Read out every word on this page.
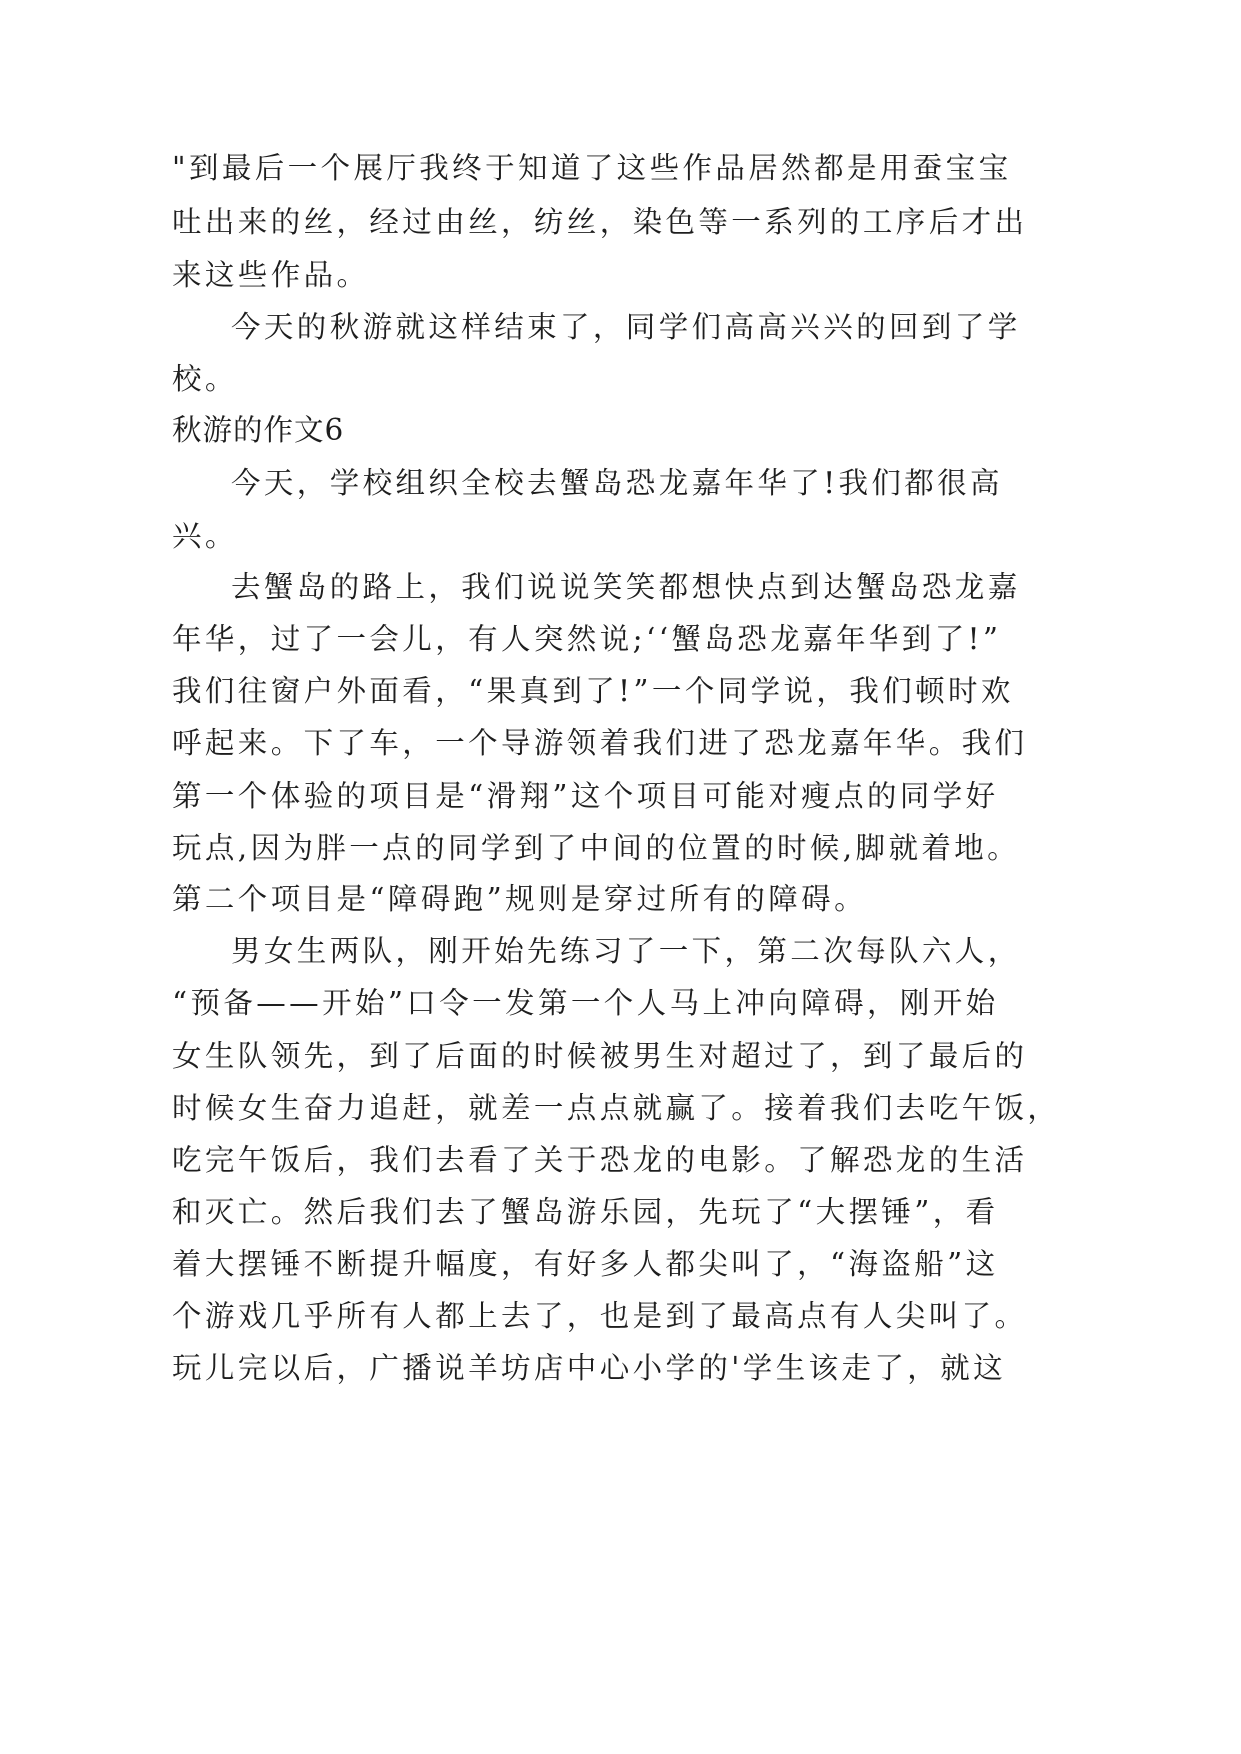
"到最后一个展厅我终于知道了这些作品居然都是用蚕宝宝
吐出来的丝，经过由丝，纺丝，染色等一系列的工序后才出
来这些作品。
今天的秋游就这样结束了，同学们高高兴兴的回到了学
校。
秋游的作文6
今天，学校组织全校去蟹岛恐龙嘉年华了!我们都很高
兴。
去蟹岛的路上，我们说说笑笑都想快点到达蟹岛恐龙嘉
年华，过了一会儿，有人突然说;‘‘蟹岛恐龙嘉年华到了!”
我们往窗户外面看，“果真到了!”一个同学说，我们顿时欢
呼起来。下了车，一个导游领着我们进了恐龙嘉年华。我们
第一个体验的项目是“滑翔”这个项目可能对瘦点的同学好
玩点,因为胖一点的同学到了中间的位置的时候,脚就着地。
第二个项目是“障碍跑”规则是穿过所有的障碍。
男女生两队，刚开始先练习了一下，第二次每队六人，
“预备——开始”口令一发第一个人马上冲向障碍，刚开始
女生队领先，到了后面的时候被男生对超过了，到了最后的
时候女生奋力追赶，就差一点点就赢了。接着我们去吃午饭，
吃完午饭后，我们去看了关于恐龙的电影。了解恐龙的生活
和灭亡。然后我们去了蟹岛游乐园，先玩了“大摆锤”，看
着大摆锤不断提升幅度，有好多人都尖叫了，“海盗船”这
个游戏几乎所有人都上去了，也是到了最高点有人尖叫了。
玩儿完以后，广播说羊坊店中心小学的'学生该走了，就这
